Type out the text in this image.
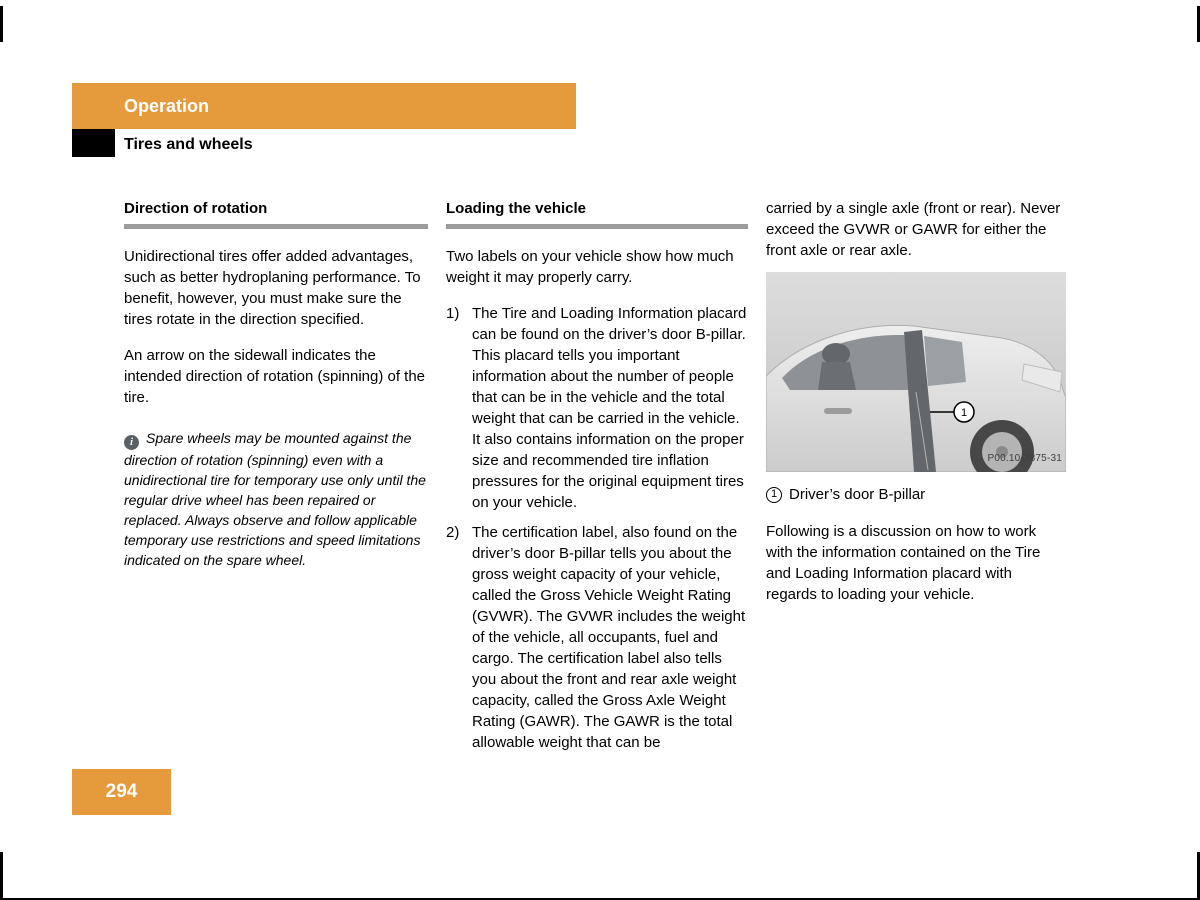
Operation
Tires and wheels
Direction of rotation

Unidirectional tires offer added advantages, such as better hydroplaning performance. To benefit, however, you must make sure the tires rotate in the direction specified.

An arrow on the sidewall indicates the intended direction of rotation (spinning) of the tire.

i Spare wheels may be mounted against the direction of rotation (spinning) even with a unidirectional tire for temporary use only until the regular drive wheel has been repaired or replaced. Always observe and follow applicable temporary use restrictions and speed limitations indicated on the spare wheel.

Loading the vehicle

Two labels on your vehicle show how much weight it may properly carry.

1) The Tire and Loading Information placard can be found on the driver’s door B-pillar. This placard tells you important information about the number of people that can be in the vehicle and the total weight that can be carried in the vehicle. It also contains information on the proper size and recommended tire inflation pressures for the original equipment tires on your vehicle.
2) The certification label, also found on the driver’s door B-pillar tells you about the gross weight capacity of your vehicle, called the Gross Vehicle Weight Rating (GVWR). The GVWR includes the weight of the vehicle, all occupants, fuel and cargo. The certification label also tells you about the front and rear axle weight capacity, called the Gross Axle Weight Rating (GAWR). The GAWR is the total allowable weight that can be

carried by a single axle (front or rear). Never exceed the GVWR or GAWR for either the front axle or rear axle.

1
P00.10-3875-31
1 Driver’s door B-pillar

Following is a discussion on how to work with the information contained on the Tire and Loading Information placard with regards to loading your vehicle.

294
